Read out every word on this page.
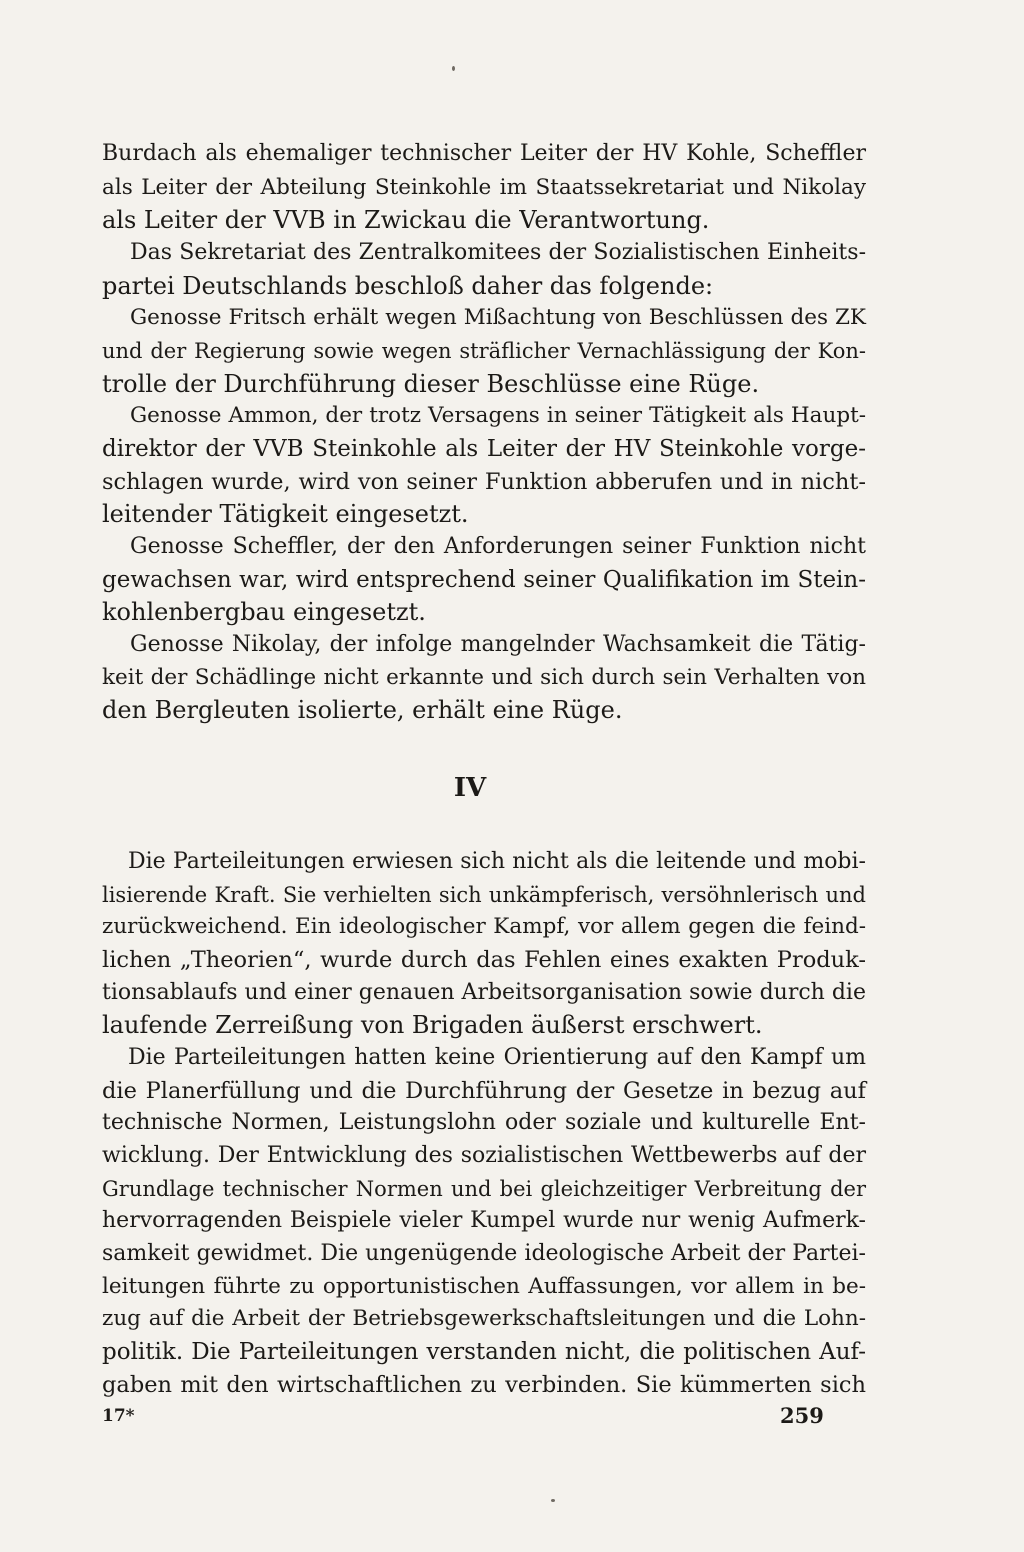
Burdach als ehemaliger technischer Leiter der HV Kohle, Scheffler
als Leiter der Abteilung Steinkohle im Staatssekretariat und Nikolay
als Leiter der VVB in Zwickau die Verantwortung.
Das Sekretariat des Zentralkomitees der Sozialistischen Einheits-
partei Deutschlands beschloß daher das folgende:
Genosse Fritsch erhält wegen Mißachtung von Beschlüssen des ZK
und der Regierung sowie wegen sträflicher Vernachlässigung der Kon-
trolle der Durchführung dieser Beschlüsse eine Rüge.
Genosse Ammon, der trotz Versagens in seiner Tätigkeit als Haupt-
direktor der VVB Steinkohle als Leiter der HV Steinkohle vorge-
schlagen wurde, wird von seiner Funktion abberufen und in nicht-
leitender Tätigkeit eingesetzt.
Genosse Scheffler, der den Anforderungen seiner Funktion nicht
gewachsen war, wird entsprechend seiner Qualifikation im Stein-
kohlenbergbau eingesetzt.
Genosse Nikolay, der infolge mangelnder Wachsamkeit die Tätig-
keit der Schädlinge nicht erkannte und sich durch sein Verhalten von
den Bergleuten isolierte, erhält eine Rüge.
Die Parteileitungen erwiesen sich nicht als die leitende und mobi-
lisierende Kraft. Sie verhielten sich unkämpferisch, versöhnlerisch und
zurückweichend. Ein ideologischer Kampf, vor allem gegen die feind-
lichen „Theorien“, wurde durch das Fehlen eines exakten Produk-
tionsablaufs und einer genauen Arbeitsorganisation sowie durch die
laufende Zerreißung von Brigaden äußerst erschwert.
Die Parteileitungen hatten keine Orientierung auf den Kampf um
die Planerfüllung und die Durchführung der Gesetze in bezug auf
technische Normen, Leistungslohn oder soziale und kulturelle Ent-
wicklung. Der Entwicklung des sozialistischen Wettbewerbs auf der
Grundlage technischer Normen und bei gleichzeitiger Verbreitung der
hervorragenden Beispiele vieler Kumpel wurde nur wenig Aufmerk-
samkeit gewidmet. Die ungenügende ideologische Arbeit der Partei-
leitungen führte zu opportunistischen Auffassungen, vor allem in be-
zug auf die Arbeit der Betriebsgewerkschaftsleitungen und die Lohn-
politik. Die Parteileitungen verstanden nicht, die politischen Auf-
gaben mit den wirtschaftlichen zu verbinden. Sie kümmerten sich
IV
17*	259
